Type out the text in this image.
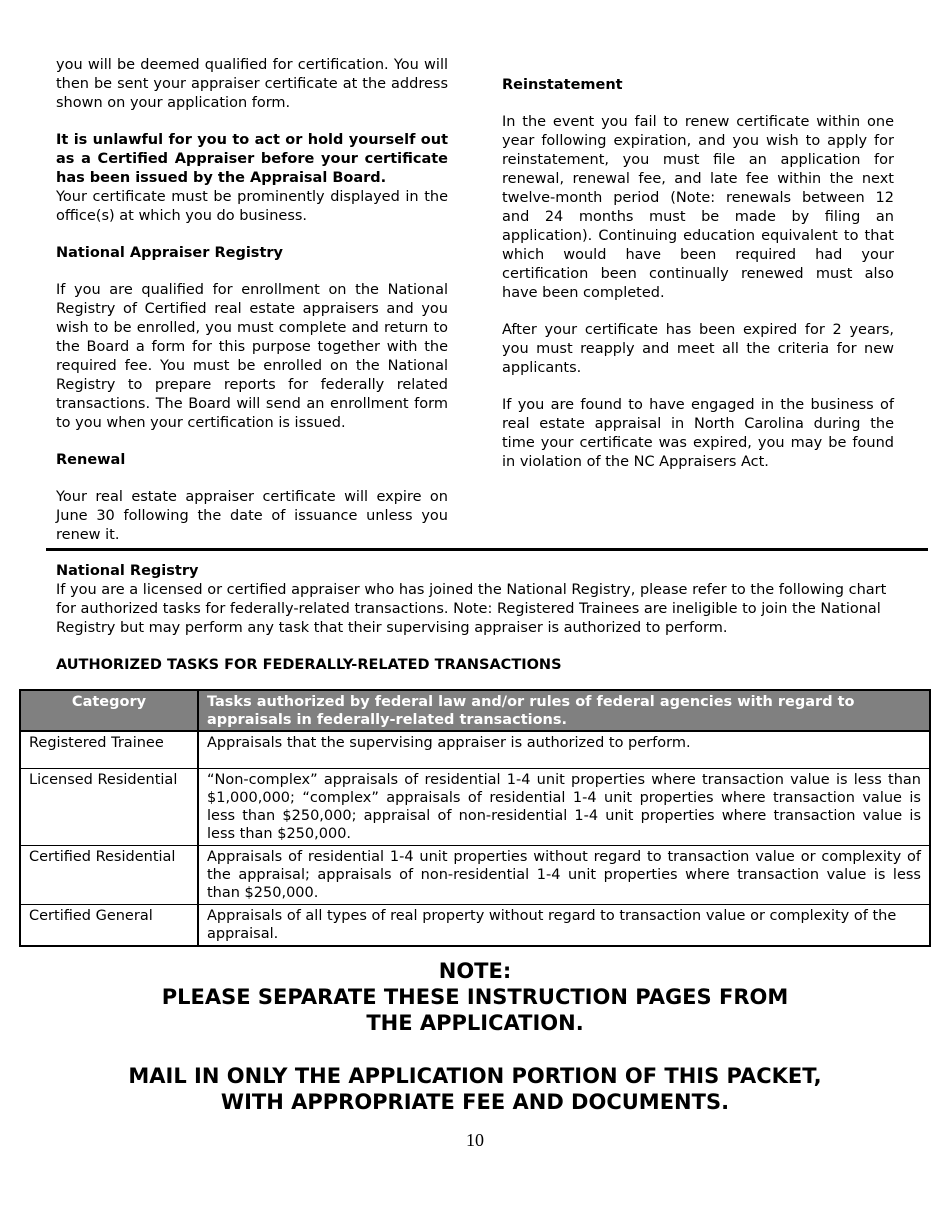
you will be deemed qualified for certification. You will then be sent your appraiser certificate at the address shown on your application form.

It is unlawful for you to act or hold yourself out as a Certified Appraiser before your certificate has been issued by the Appraisal Board.

Your certificate must be prominently displayed in the office(s) at which you do business.

National Appraiser Registry

If you are qualified for enrollment on the National Registry of Certified real estate appraisers and you wish to be enrolled, you must complete and return to the Board a form for this purpose together with the required fee. You must be enrolled on the National Registry to prepare reports for federally related transactions. The Board will send an enrollment form to you when your certification is issued.

Renewal

Your real estate appraiser certificate will expire on June 30 following the date of issuance unless you renew it.

Reinstatement

In the event you fail to renew certificate within one year following expiration, and you wish to apply for reinstatement, you must file an application for renewal, renewal fee, and late fee within the next twelve-month period (Note: renewals between 12 and 24 months must be made by filing an application). Continuing education equivalent to that which would have been required had your certification been continually renewed must also have been completed.

After your certificate has been expired for 2 years, you must reapply and meet all the criteria for new applicants.

If you are found to have engaged in the business of real estate appraisal in North Carolina during the time your certificate was expired, you may be found in violation of the NC Appraisers Act.

National Registry

If you are a licensed or certified appraiser who has joined the National Registry, please refer to the following chart for authorized tasks for federally-related transactions. Note: Registered Trainees are ineligible to join the National Registry but may perform any task that their supervising appraiser is authorized to perform.

AUTHORIZED TASKS FOR FEDERALLY-RELATED TRANSACTIONS
Category	Tasks authorized by federal law and/or rules of federal agencies with regard to appraisals in federally-related transactions.
Registered Trainee	Appraisals that the supervising appraiser is authorized to perform.
Licensed Residential	“Non-complex” appraisals of residential 1-4 unit properties where transaction value is less than $1,000,000; “complex” appraisals of residential 1-4 unit properties where transaction value is less than $250,000; appraisal of non-residential 1-4 unit properties where transaction value is less than $250,000.
Certified Residential	Appraisals of residential 1-4 unit properties without regard to transaction value or complexity of the appraisal; appraisals of non-residential 1-4 unit properties where transaction value is less than $250,000.
Certified General	Appraisals of all types of real property without regard to transaction value or complexity of the appraisal.
NOTE:
PLEASE SEPARATE THESE INSTRUCTION PAGES FROM
THE APPLICATION.
MAIL IN ONLY THE APPLICATION PORTION OF THIS PACKET,
WITH APPROPRIATE FEE AND DOCUMENTS.
10
